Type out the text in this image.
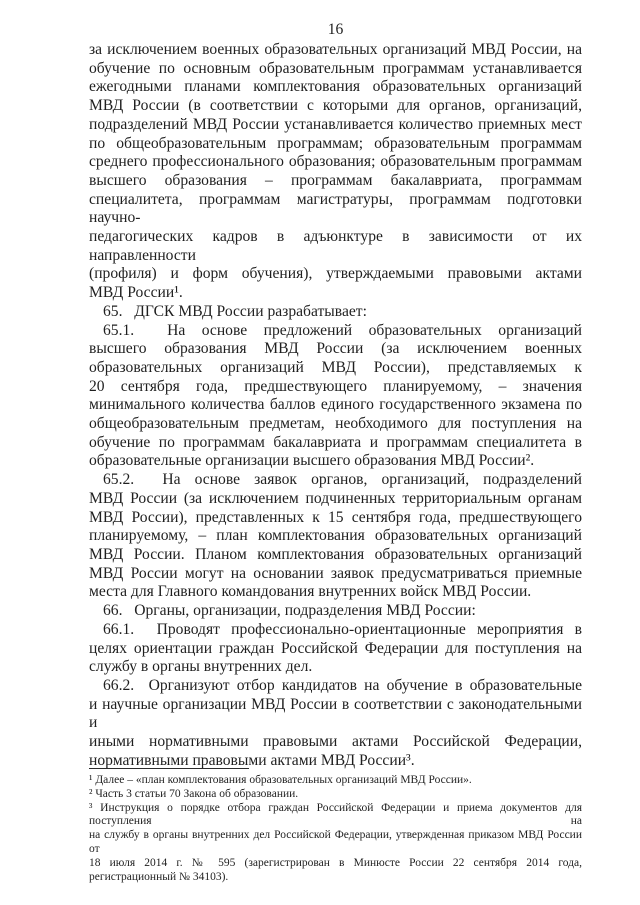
16
за исключением военных образовательных организаций МВД России, на
обучение по основным образовательным программам устанавливается
ежегодными планами комплектования образовательных организаций
МВД России (в соответствии с которыми для органов, организаций,
подразделений МВД России устанавливается количество приемных мест
по общеобразовательным программам; образовательным программам
среднего профессионального образования; образовательным программам
высшего образования – программам бакалавриата, программам
специалитета, программам магистратуры, программам подготовки научно-
педагогических кадров в адъюнктуре в зависимости от их направленности
(профиля) и форм обучения), утверждаемыми правовыми актами
МВД России¹.
65.   ДГСК МВД России разрабатывает:
65.1.  На основе предложений образовательных организаций
высшего образования МВД России (за исключением военных
образовательных организаций МВД России), представляемых к
20 сентября года, предшествующего планируемому, – значения
минимального количества баллов единого государственного экзамена по
общеобразовательным предметам, необходимого для поступления на
обучение по программам бакалавриата и программам специалитета в
образовательные организации высшего образования МВД России².
65.2.  На основе заявок органов, организаций, подразделений
МВД России (за исключением подчиненных территориальным органам
МВД России), представленных к 15 сентября года, предшествующего
планируемому, – план комплектования образовательных организаций
МВД России. Планом комплектования образовательных организаций
МВД России могут на основании заявок предусматриваться приемные
места для Главного командования внутренних войск МВД России.
66.   Органы, организации, подразделения МВД России:
66.1.  Проводят профессионально-ориентационные мероприятия в
целях ориентации граждан Российской Федерации для поступления на
службу в органы внутренних дел.
66.2.  Организуют отбор кандидатов на обучение в образовательные
и научные организации МВД России в соответствии с законодательными и
иными нормативными правовыми актами Российской Федерации,
нормативными правовыми актами МВД России³.
¹ Далее – «план комплектования образовательных организаций МВД России».
² Часть 3 статьи 70 Закона об образовании.
³ Инструкция о порядке отбора граждан Российской Федерации и приема документов для поступления на
на службу в органы внутренних дел Российской Федерации, утвержденная приказом МВД России от
18 июля 2014 г. № 595 (зарегистрирован в Минюсте России 22 сентября 2014 года,
регистрационный № 34103).
